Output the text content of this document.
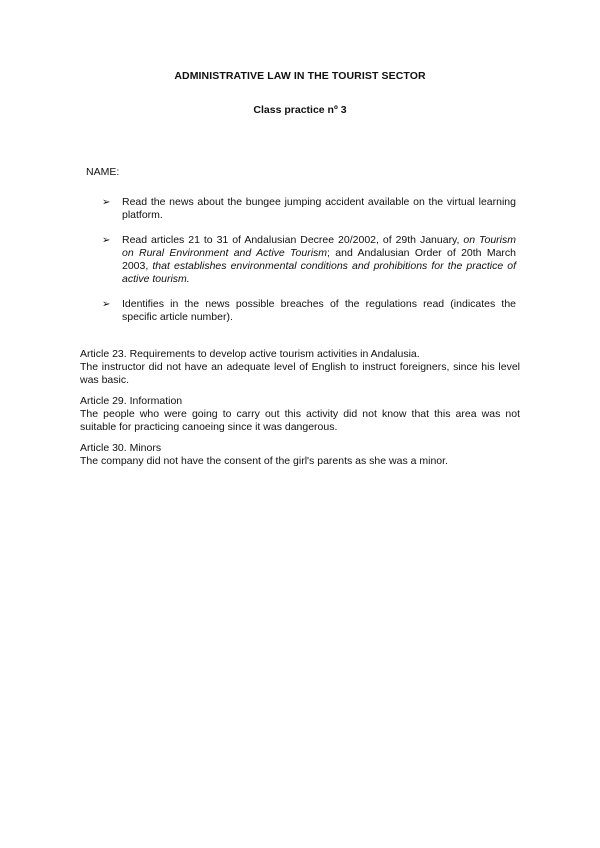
ADMINISTRATIVE LAW IN THE TOURIST SECTOR
Class practice nº 3
NAME:
➢ Read the news about the bungee jumping accident available on the virtual learning platform.
➢ Read articles 21 to 31 of Andalusian Decree 20/2002, of 29th January, on Tourism on Rural Environment and Active Tourism; and Andalusian Order of 20th March 2003, that establishes environmental conditions and prohibitions for the practice of active tourism.
➢ Identifies in the news possible breaches of the regulations read (indicates the specific article number).
Article 23. Requirements to develop active tourism activities in Andalusia.
The instructor did not have an adequate level of English to instruct foreigners, since his level was basic.
Article 29. Information
The people who were going to carry out this activity did not know that this area was not suitable for practicing canoeing since it was dangerous.
Article 30. Minors
The company did not have the consent of the girl's parents as she was a minor.
